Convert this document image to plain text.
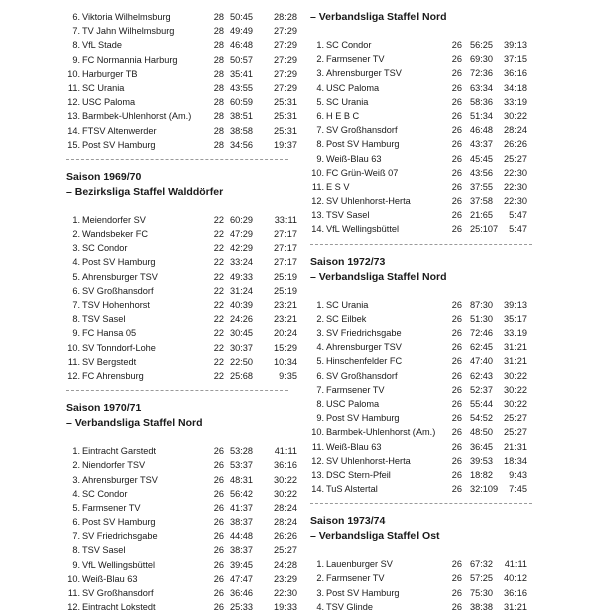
6. Viktoria Wilhelmsburg	28 50:45	28:28
7. TV Jahn Wilhelmsburg	28 49:49	27:29
8. VfL Stade	28 46:48	27:29
9. FC Normannia Harburg	28 50:57	27:29
10. Harburger TB	28 35:41	27:29
11. SC Urania	28 43:55	27:29
12. USC Paloma	28 60:59	25:31
13. Barmbek-Uhlenhorst (Am.)	28 38:51	25:31
14. FTSV Altenwerder	28 38:58	25:31
15. Post SV Hamburg	28 34:56	19:37
Saison 1969/70
– Bezirksliga Staffel Walddörfer
1. Meiendorfer SV	22 60:29	33:11
2. Wandsbeker FC	22 47:29	27:17
3. SC Condor	22 42:29	27:17
4. Post SV Hamburg	22 33:24	27:17
5. Ahrensburger TSV	22 49:33	25:19
6. SV Großhansdorf	22 31:24	25:19
7. TSV Hohenhorst	22 40:39	23:21
8. TSV Sasel	22 24:26	23:21
9. FC Hansa 05	22 30:45	20:24
10. SV Tonndorf-Lohe	22 30:37	15:29
11. SV Bergstedt	22 22:50	10:34
12. FC Ahrensburg	22 25:68	9:35
Saison 1970/71
– Verbandsliga Staffel Nord
1. Eintracht Garstedt	26 53:28	41:11
2. Niendorfer TSV	26 53:37	36:16
3. Ahrensburger TSV	26 48:31	30:22
4. SC Condor	26 56:42	30:22
5. Farmsener TV	26 41:37	28:24
6. Post SV Hamburg	26 38:37	28:24
7. SV Friedrichsgabe	26 44:48	26:26
8. TSV Sasel	26 38:37	25:27
9. VfL Wellingsbüttel	26 39:45	24:28
10. Weiß-Blau 63	26 47:47	23:29
11. SV Großhansdorf	26 36:46	22:30
12. Eintracht Lokstedt	26 25:33	19:33
– Verbandsliga Staffel Nord
1. SC Condor	26 56:25	39:13
2. Farmsener TV	26 69:30	37:15
3. Ahrensburger TSV	26 72:36	36:16
4. USC Paloma	26 63:34	34:18
5. SC Urania	26 58:36	33:19
6. H E B C	26 51:34	30:22
7. SV Großhansdorf	26 46:48	28:24
8. Post SV Hamburg	26 43:37	26:26
9. Weiß-Blau 63	26 45:45	25:27
10. FC Grün-Weiß 07	26 43:56	22:30
11. E S V	26 37:55	22:30
12. SV Uhlenhorst-Herta	26 37:58	22:30
13. TSV Sasel	26 21:65	5:47
14. VfL Wellingsbüttel	26 25:107	5:47
Saison 1972/73
– Verbandsliga Staffel Nord
1. SC Urania	26 87:30	39:13
2. SC Eilbek	26 51:30	35:17
3. SV Friedrichsgabe	26 72:46	33.19
4. Ahrensburger TSV	26 62:45	31:21
5. Hinschenfelder FC	26 47:40	31:21
6. SV Großhansdorf	26 62:43	30:22
7. Farmsener TV	26 52:37	30:22
8. USC Paloma	26 55:44	30:22
9. Post SV Hamburg	26 54:52	25:27
10. Barmbek-Uhlenhorst (Am.)	26 48:50	25:27
11. Weiß-Blau 63	26 36:45	21:31
12. SV Uhlenhorst-Herta	26 39:53	18:34
13. DSC Stern-Pfeil	26 18:82	9:43
14. TuS Alstertal	26 32:109	7:45
Saison 1973/74
– Verbandsliga Staffel Ost
1. Lauenburger SV	26 67:32	41:11
2. Farmsener TV	26 57:25	40:12
3. Post SV Hamburg	26 75:30	36:16
4. TSV Glinde	26 38:38	31:21
